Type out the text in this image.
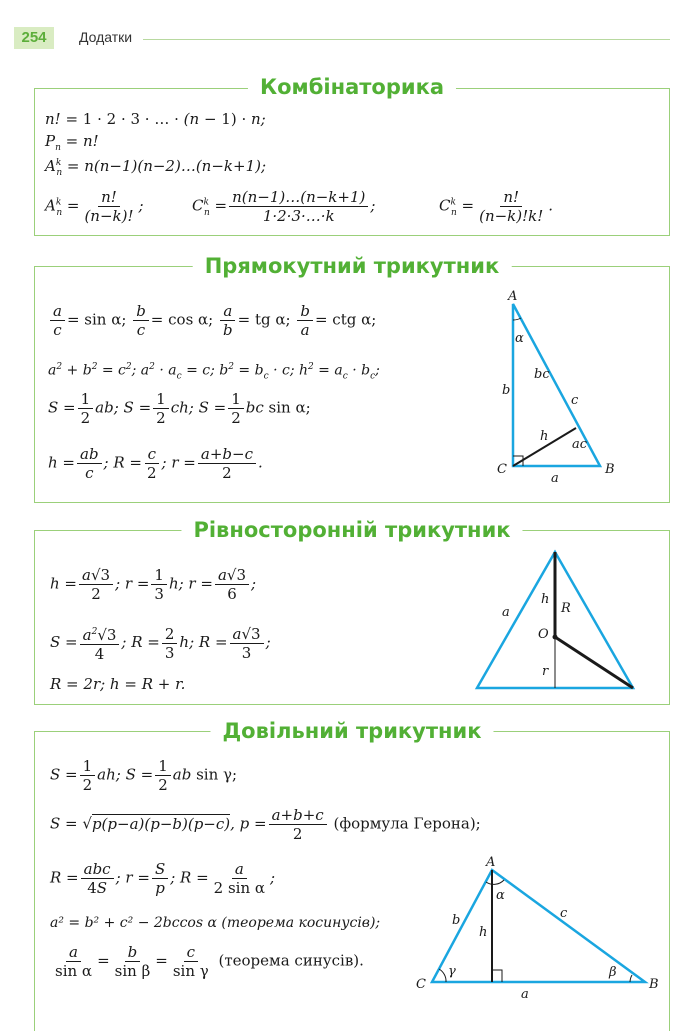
254	Додатки
Комбінаторика
n! = 1 · 2 · 3 · … · (n − 1) · n;
$P_n = n$!
$A^k_n$ = n(n−1)(n−2)…(n−k+1);
$A^k_n = \frac{n!}{(n-k)!}$ ;	$C^k_n = \frac{n(n-1)\dots(n-k+1)}{1\cdot 2\cdot 3\cdot\dots\cdot k}$ ;	$C^k_n = \frac{n!}{(n-k)!k!}$ .
Прямокутний трикутник
$\frac{a}{c} = \sin \alpha$; $\frac{b}{c} = \cos \alpha$; $\frac{a}{b}$ = tg α; $\frac{b}{a}$ = ctg α;
$a^2 + b^2 = c^2$; $a^2 \cdot a_c = c$; $b^2 = b_c \cdot c$; $h^2 = a_c \cdot b_c$;
$S = \frac{1}{2}$ ab; $S = \frac{1}{2}$ ch; $S = \frac{1}{2}$ bc sin α;
$h = \frac{ab}{c}$ ; $R = \frac{c}{2}$ ; $r = \frac{a+b-c}{2}$ .
A
α
b
bc
c
h
ac
C
a
B
Рівносторонній трикутник
$h = \frac{a√3}{2}$ ; $r = \frac{1}{3} h$; $r = \frac{a√3}{6}$ ;
$S = \frac{a^2√3}{4}$ ; $R = \frac{2}{3} h$; $R = \frac{a√3}{3}$ ;
R = 2r; h = R + r.
a
h
R
O
r
Довільний трикутник
$S = \frac{1}{2}$ ah; $S = \frac{1}{2}$ ab sin γ;
S = √p(p−a)(p−b)(p−c), $p = \frac{a+b+c}{2}$ (формула Герона);
$R = \frac{\text{abc}}{4S}$ ; $r = \frac{S}{p}$ ; $R = \frac{a}{\text{2 sin α}}$ ;
a² = b² + c² − 2bccos α (теорема косинусів);
$\frac{a}{\text{sin α}} = \frac{b}{\text{sin β}} = \frac{c}{\text{sin γ}}$ (теорема синусів).
A
α
b	c
h
γ	β
C
a
B
